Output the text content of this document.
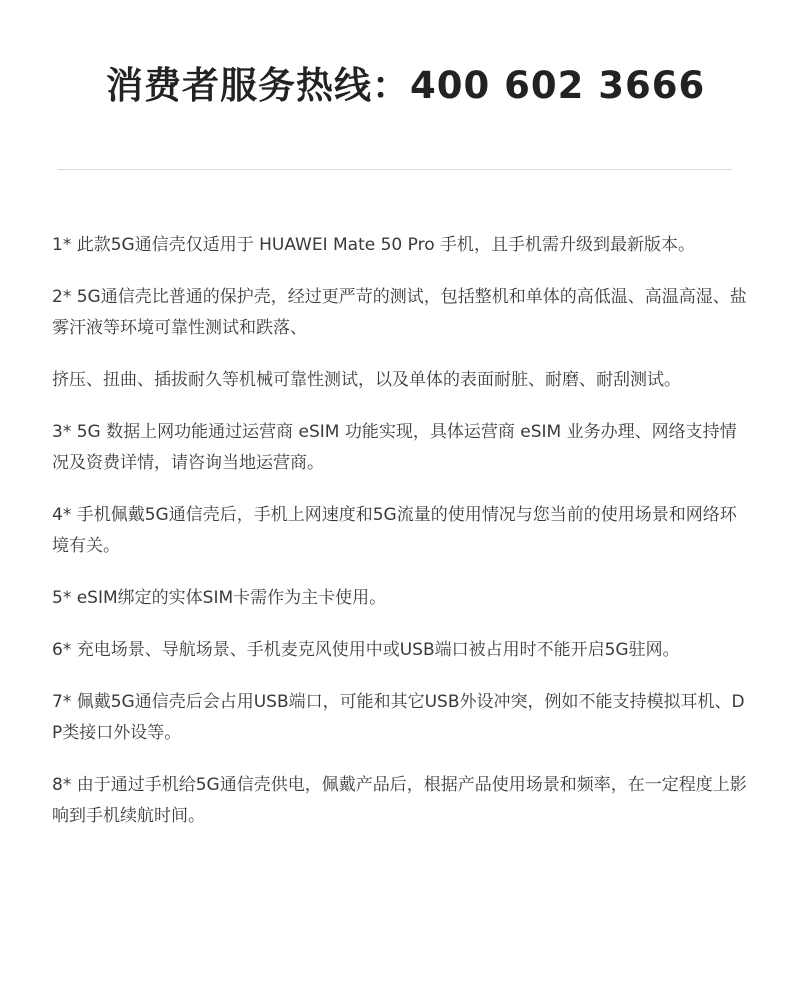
消费者服务热线：400 602 3666
1* 此款5G通信壳仅适用于 HUAWEI Mate 50 Pro 手机，且手机需升级到最新版本。
2* 5G通信壳比普通的保护壳，经过更严苛的测试，包括整机和单体的高低温、高温高湿、盐雾汗液等环境可靠性测试和跌落、
挤压、扭曲、插拔耐久等机械可靠性测试，以及单体的表面耐脏、耐磨、耐刮测试。
3* 5G 数据上网功能通过运营商 eSIM 功能实现，具体运营商 eSIM 业务办理、网络支持情况及资费详情，请咨询当地运营商。
4* 手机佩戴5G通信壳后，手机上网速度和5G流量的使用情况与您当前的使用场景和网络环境有关。
5* eSIM绑定的实体SIM卡需作为主卡使用。
6* 充电场景、导航场景、手机麦克风使用中或USB端口被占用时不能开启5G驻网。
7* 佩戴5G通信壳后会占用USB端口，可能和其它USB外设冲突，例如不能支持模拟耳机、DP类接口外设等。
8* 由于通过手机给5G通信壳供电，佩戴产品后，根据产品使用场景和频率，在一定程度上影响到手机续航时间。
